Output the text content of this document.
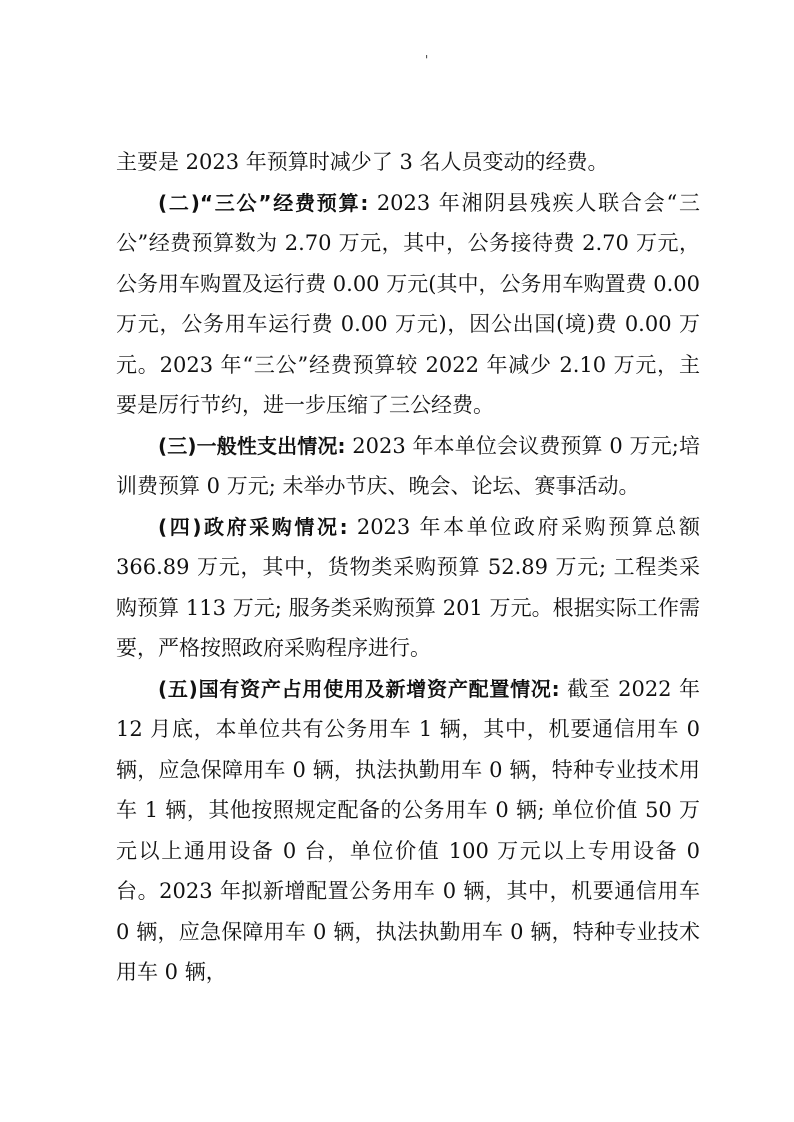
'

主要是 2023 年预算时减少了 3 名人员变动的经费。

(二)“三公”经费预算: 2023 年湘阴县残疾人联合会“三公”经费预算数为 2.70 万元，其中，公务接待费 2.70 万元，公务用车购置及运行费 0.00 万元(其中，公务用车购置费 0.00 万元，公务用车运行费 0.00 万元)，因公出国(境)费 0.00 万元。2023 年“三公”经费预算较 2022 年减少 2.10 万元，主要是厉行节约，进一步压缩了三公经费。

(三)一般性支出情况: 2023 年本单位会议费预算 0 万元;培训费预算 0 万元; 未举办节庆、晚会、论坛、赛事活动。

(四)政府采购情况: 2023 年本单位政府采购预算总额 366.89 万元，其中，货物类采购预算 52.89 万元; 工程类采购预算 113 万元; 服务类采购预算 201 万元。根据实际工作需要，严格按照政府采购程序进行。

(五)国有资产占用使用及新增资产配置情况: 截至 2022 年 12 月底，本单位共有公务用车 1 辆，其中，机要通信用车 0 辆，应急保障用车 0 辆，执法执勤用车 0 辆，特种专业技术用车 1 辆，其他按照规定配备的公务用车 0 辆; 单位价值 50 万元以上通用设备 0 台，单位价值 100 万元以上专用设备 0 台。2023 年拟新增配置公务用车 0 辆，其中，机要通信用车 0 辆，应急保障用车 0 辆，执法执勤用车 0 辆，特种专业技术用车 0 辆，
